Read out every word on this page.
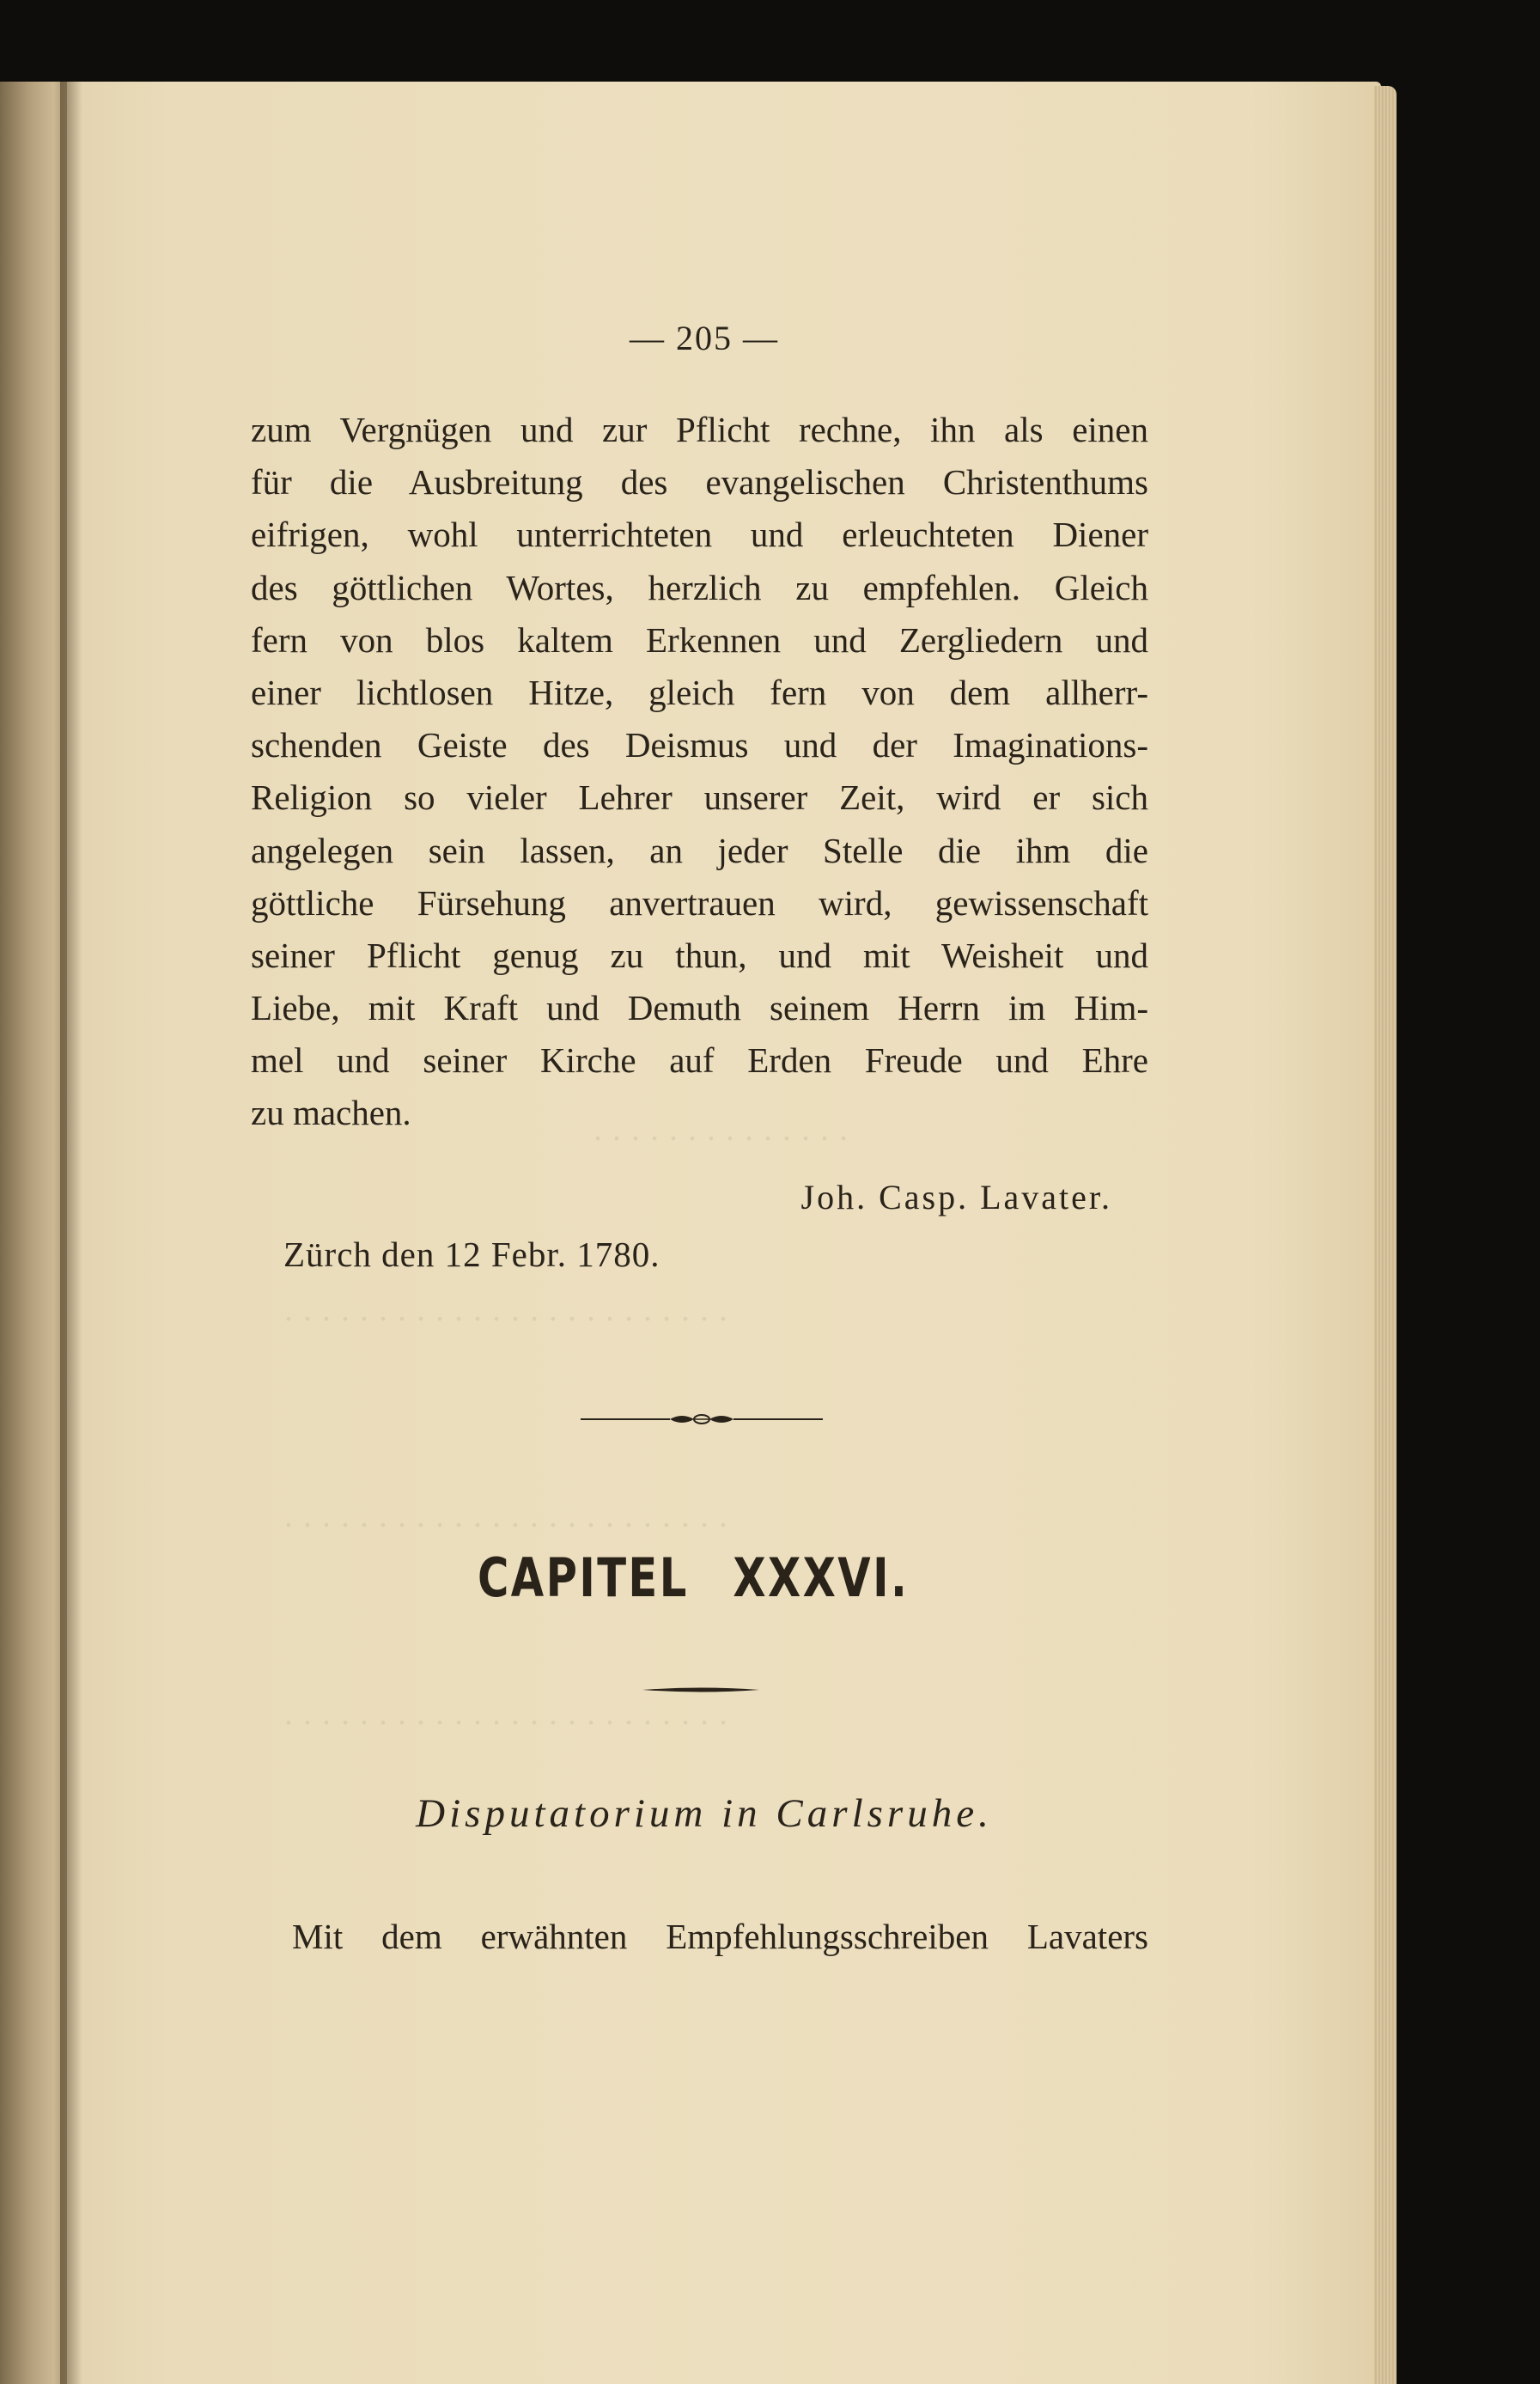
. . . . . . . . . . . . . .
. . . . . . . . . . . . . . . . . . . . . . . .
. . . . . . . . . . . . . . . . . . . . . . . .
. . . . . . . . . . . . . . . . . . . . . . . .
— 205 —
zum Vergnügen und zur Pflicht rechne, ihn als einen
für die Ausbreitung des evangelischen Christenthums
eifrigen, wohl unterrichteten und erleuchteten Diener
des göttlichen Wortes, herzlich zu empfehlen. Gleich
fern von blos kaltem Erkennen und Zergliedern und
einer lichtlosen Hitze, gleich fern von dem allherr-
schenden Geiste des Deismus und der Imaginations-
Religion so vieler Lehrer unserer Zeit, wird er sich
angelegen sein lassen, an jeder Stelle die ihm die
göttliche Fürsehung anvertrauen wird, gewissenschaft
seiner Pflicht genug zu thun, und mit Weisheit und
Liebe, mit Kraft und Demuth seinem Herrn im Him-
mel und seiner Kirche auf Erden Freude und Ehre
zu machen.
Joh. Casp. Lavater.
Zürch den 12 Febr. 1780.
CAPITEL XXXVI.
Disputatorium in Carlsruhe.
Mit dem erwähnten Empfehlungsschreiben Lavaters
